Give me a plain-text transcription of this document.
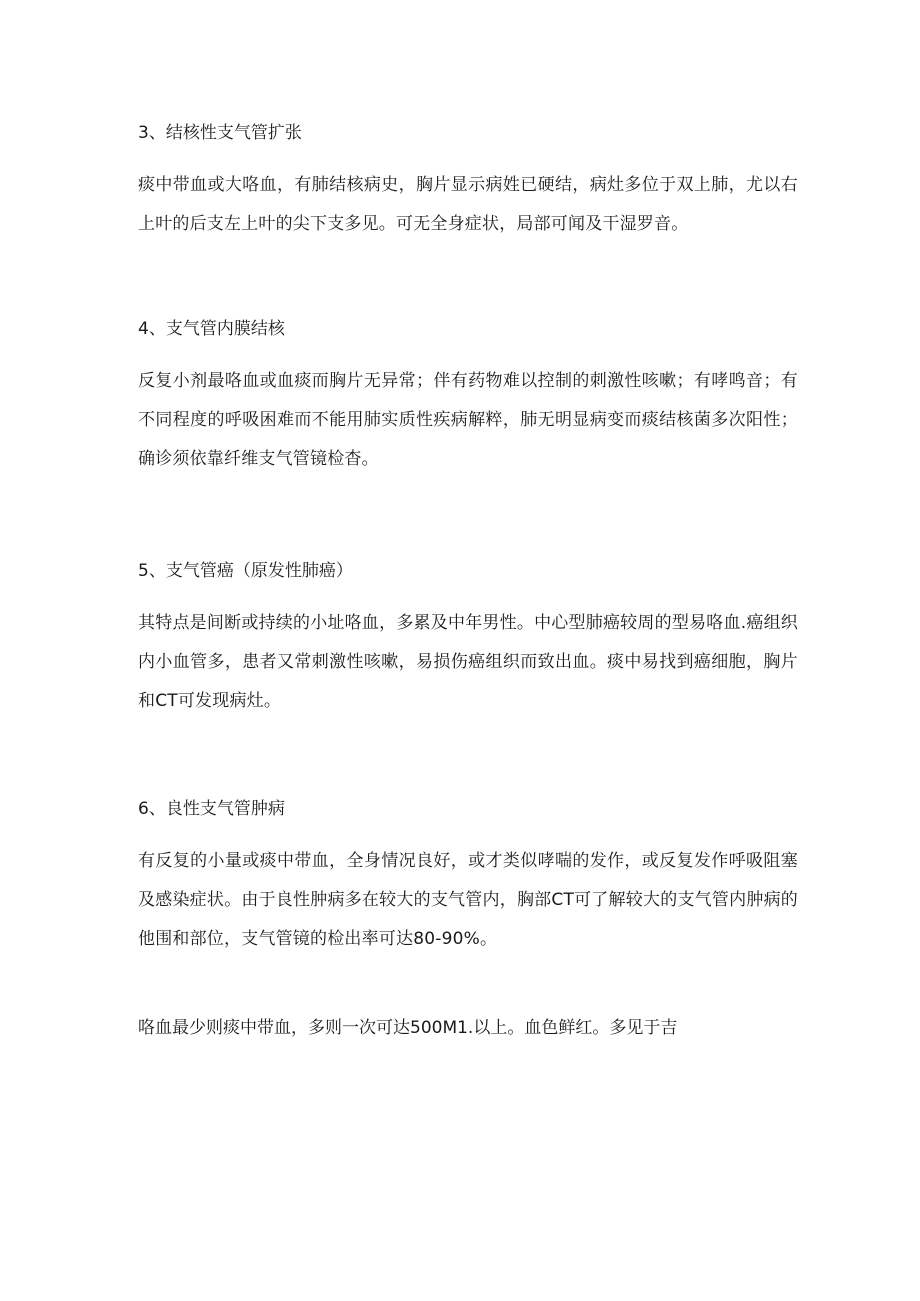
3、结核性支气管扩张

痰中带血或大咯血，有肺结核病史，胸片显示病姓已硬结，病灶多位于双上肺，尤以右上叶的后支左上叶的尖下支多见。可无全身症状，局部可闻及干湿罗音。

4、支气管内膜结核

反复小剂最咯血或血痰而胸片无异常；伴有药物难以控制的刺激性咳嗽；有哮鸣音；有不同程度的呼吸困难而不能用肺实质性疾病解粹，肺无明显病变而痰结核菌多次阳性；确诊须依靠纤维支气管镜检杳。

5、支气管癌（原发性肺癌）

其特点是间断或持续的小址咯血，多累及中年男性。中心型肺癌较周的型易咯血.癌组织内小血管多，患者又常刺激性咳嗽，易损伤癌组织而致出血。痰中易找到癌细胞，胸片和CT可发现病灶。

6、良性支气管肿病

有反复的小量或痰中带血，全身情况良好，或才类似哮喘的发作，或反复发作呼吸阻塞及感染症状。由于良性肿病多在较大的支气管内，胸部CT可了解较大的支气管内肿病的他围和部位，支气管镜的检出率可达80-90%。

咯血最少则痰中带血，多则一次可达500M1.以上。血色鲜红。多见于吉
